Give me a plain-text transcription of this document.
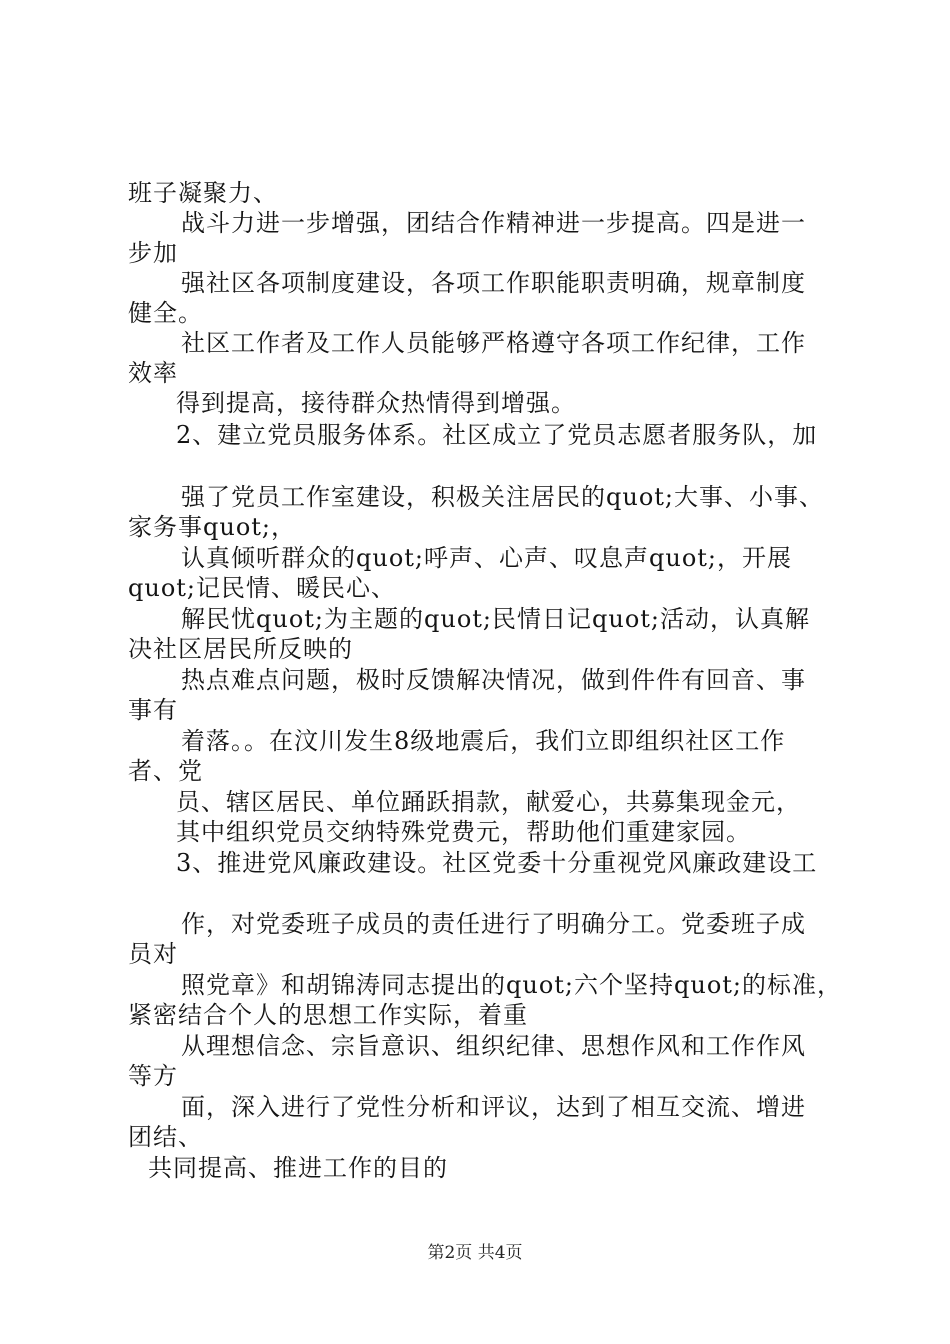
班子凝聚力、
战斗力进一步增强，团结合作精神进一步提高。四是进一
步加
强社区各项制度建设，各项工作职能职责明确，规章制度
健全。
社区工作者及工作人员能够严格遵守各项工作纪律，工作
效率
得到提高，接待群众热情得到增强。
2、建立党员服务体系。社区成立了党员志愿者服务队，加
强了党员工作室建设，积极关注居民的quot;大事、小事、
家务事quot;，
认真倾听群众的quot;呼声、心声、叹息声quot;，开展
quot;记民情、暖民心、
解民忧quot;为主题的quot;民情日记quot;活动，认真解
决社区居民所反映的
热点难点问题，极时反馈解决情况，做到件件有回音、事
事有
着落。。在汶川发生8级地震后，我们立即组织社区工作
者、党
员、辖区居民、单位踊跃捐款，献爱心，共募集现金元，
其中组织党员交纳特殊党费元，帮助他们重建家园。
3、推进党风廉政建设。社区党委十分重视党风廉政建设工
作，对党委班子成员的责任进行了明确分工。党委班子成
员对
照党章》和胡锦涛同志提出的quot;六个坚持quot;的标准，
紧密结合个人的思想工作实际，着重
从理想信念、宗旨意识、组织纪律、思想作风和工作作风
等方
面，深入进行了党性分析和评议，达到了相互交流、增进
团结、
共同提高、推进工作的目的
第2页 共4页
